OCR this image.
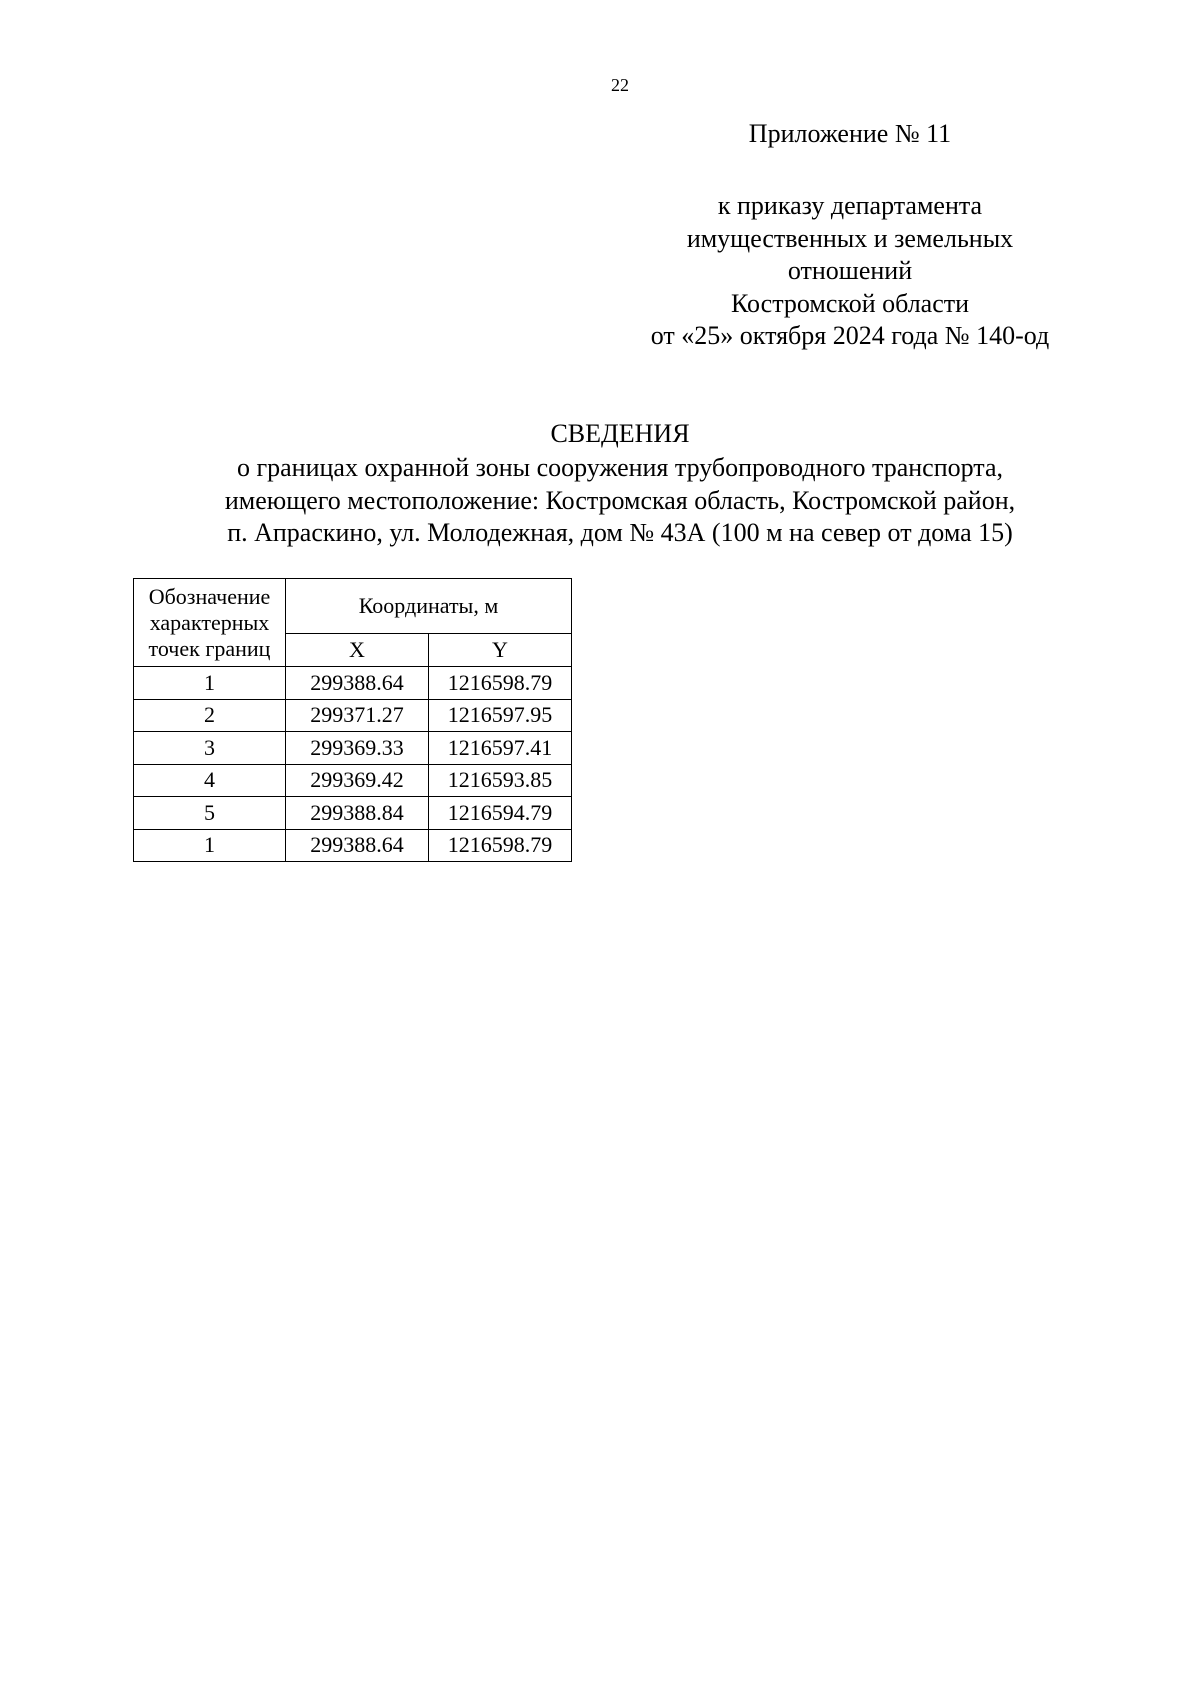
22
Приложение № 11
к приказу департамента
имущественных и земельных
отношений
Костромской области
от «25» октября 2024 года № 140-од
СВЕДЕНИЯ
о границах охранной зоны сооружения трубопроводного транспорта,
имеющего местоположение: Костромская область, Костромской район,
п. Апраскино, ул. Молодежная, дом № 43А (100 м на север от дома 15)
Обозначение
характерных
точек границ	Координаты, м	
	X	Y
1	299388.64	1216598.79
2	299371.27	1216597.95
3	299369.33	1216597.41
4	299369.42	1216593.85
5	299388.84	1216594.79
1	299388.64	1216598.79
